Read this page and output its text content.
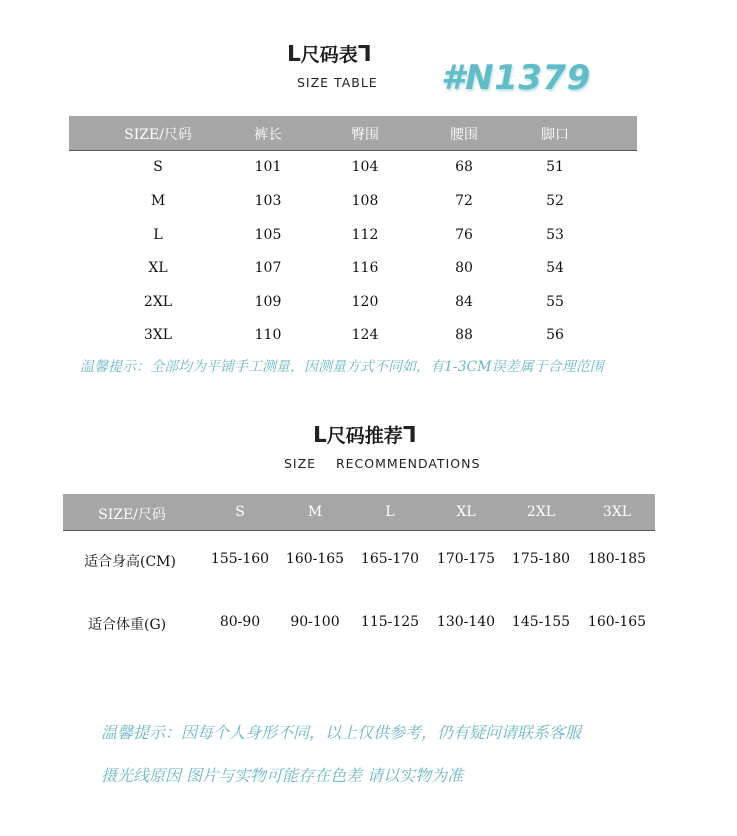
ᒪ尺码表ᒣ
SIZE TABLE #N1379
SIZE/尺码	裤长	臀围	腰围	脚口
S	101	104	68	51
M	103	108	72	52
L	105	112	76	53
XL	107	116	80	54
2XL	109	120	84	55
3XL	110	124	88	56
温馨提示：全部均为平铺手工测量，因测量方式不同如，有1-3CM误差属于合理范围
ᒪ尺码推荐ᒣ
SIZE    RECOMMENDATIONS
SIZE/尺码	S	M	L	XL	2XL	3XL
适合身高(CM) 155-160 160-165 165-170 170-175 175-180 180-185
适合体重(G)	80-90 90-100 115-125 130-140 145-155 160-165
温馨提示：因每个人身形不同，以上仅供参考，仍有疑问请联系客服
摄光线原因 图片与实物可能存在色差 请以实物为准
